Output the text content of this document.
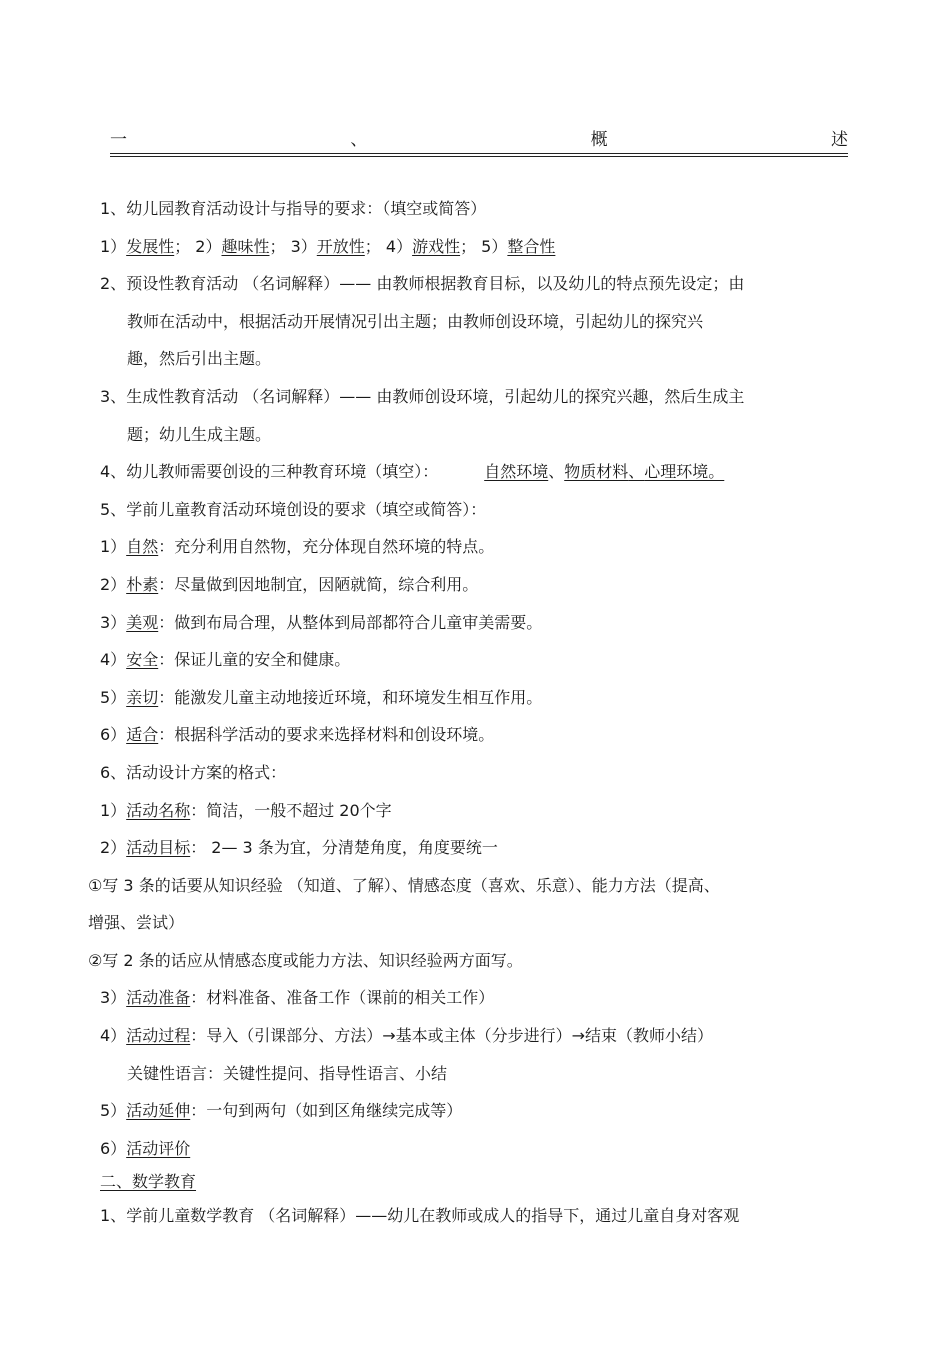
一	、	概	述
1、幼儿园教育活动设计与指导的要求：（填空或简答）
1）发展性； 2）趣味性； 3）开放性； 4）游戏性； 5）整合性
2、预设性教育活动 （名词解释）—— 由教师根据教育目标，以及幼儿的特点预先设定；由
教师在活动中，根据活动开展情况引出主题；由教师创设环境，引起幼儿的探究兴
趣，然后引出主题。
3、生成性教育活动 （名词解释）—— 由教师创设环境，引起幼儿的探究兴趣，然后生成主
题；幼儿生成主题。
4、幼儿教师需要创设的三种教育环境（填空）：	自然环境、物质材料、心理环境。
5、学前儿童教育活动环境创设的要求（填空或简答）：
1）自然：充分利用自然物，充分体现自然环境的特点。
2）朴素：尽量做到因地制宜，因陋就简，综合利用。
3）美观：做到布局合理，从整体到局部都符合儿童审美需要。
4）安全：保证儿童的安全和健康。
5）亲切：能激发儿童主动地接近环境，和环境发生相互作用。
6）适合：根据科学活动的要求来选择材料和创设环境。
6、活动设计方案的格式：
1）活动名称：简洁，一般不超过 20个字
2）活动目标： 2— 3 条为宜，分清楚角度，角度要统一
①写 3 条的话要从知识经验 （知道、了解）、情感态度（喜欢、乐意）、能力方法（提高、
增强、尝试）
②写 2 条的话应从情感态度或能力方法、知识经验两方面写。
3）活动准备：材料准备、准备工作（课前的相关工作）
4）活动过程：导入（引课部分、方法）→基本或主体（分步进行）→结束（教师小结）
关键性语言：关键性提问、指导性语言、小结
5）活动延伸：一句到两句（如到区角继续完成等）
6）活动评价
二、数学教育
1、学前儿童数学教育 （名词解释）——幼儿在教师或成人的指导下，通过儿童自身对客观
